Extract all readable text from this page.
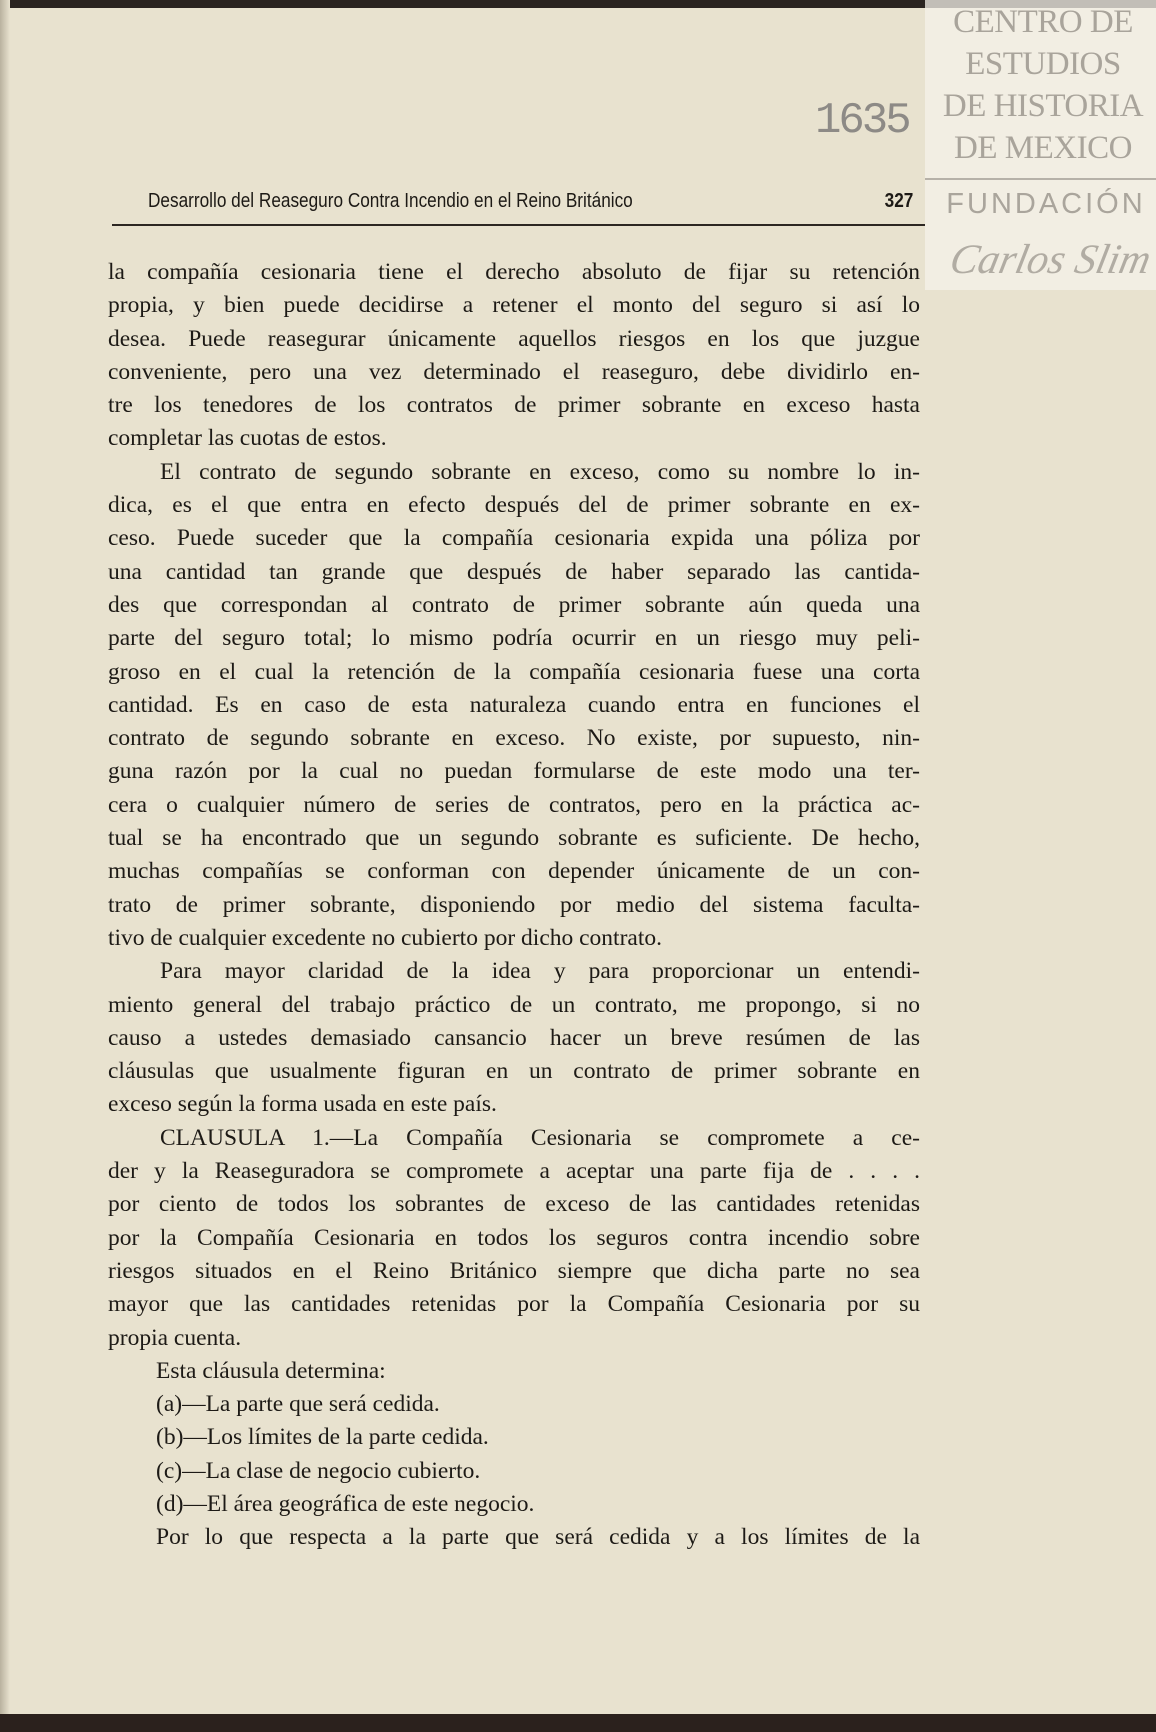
CENTRO DE
ESTUDIOS
DE HISTORIA
DE MEXICO
FUNDACIÓN
Carlos Slim
1635
Desarrollo del Reaseguro Contra Incendio en el Reino Británico	327
la compañía cesionaria tiene el derecho absoluto de fijar su retención
propia, y bien puede decidirse a retener el monto del seguro si así lo
desea. Puede reasegurar únicamente aquellos riesgos en los que juzgue
conveniente, pero una vez determinado el reaseguro, debe dividirlo en-
tre los tenedores de los contratos de primer sobrante en exceso hasta
completar las cuotas de estos.
El contrato de segundo sobrante en exceso, como su nombre lo in-
dica, es el que entra en efecto después del de primer sobrante en ex-
ceso. Puede suceder que la compañía cesionaria expida una póliza por
una cantidad tan grande que después de haber separado las cantida-
des que correspondan al contrato de primer sobrante aún queda una
parte del seguro total; lo mismo podría ocurrir en un riesgo muy peli-
groso en el cual la retención de la compañía cesionaria fuese una corta
cantidad. Es en caso de esta naturaleza cuando entra en funciones el
contrato de segundo sobrante en exceso. No existe, por supuesto, nin-
guna razón por la cual no puedan formularse de este modo una ter-
cera o cualquier número de series de contratos, pero en la práctica ac-
tual se ha encontrado que un segundo sobrante es suficiente. De hecho,
muchas compañías se conforman con depender únicamente de un con-
trato de primer sobrante, disponiendo por medio del sistema faculta-
tivo de cualquier excedente no cubierto por dicho contrato.
Para mayor claridad de la idea y para proporcionar un entendi-
miento general del trabajo práctico de un contrato, me propongo, si no
causo a ustedes demasiado cansancio hacer un breve resúmen de las
cláusulas que usualmente figuran en un contrato de primer sobrante en
exceso según la forma usada en este país.
CLAUSULA 1.—La Compañía Cesionaria se compromete a ce-
der y la Reaseguradora se compromete a aceptar una parte fija de . . . .
por ciento de todos los sobrantes de exceso de las cantidades retenidas
por la Compañía Cesionaria en todos los seguros contra incendio sobre
riesgos situados en el Reino Británico siempre que dicha parte no sea
mayor que las cantidades retenidas por la Compañía Cesionaria por su
propia cuenta.
Esta cláusula determina:
(a)—La parte que será cedida.
(b)—Los límites de la parte cedida.
(c)—La clase de negocio cubierto.
(d)—El área geográfica de este negocio.
Por lo que respecta a la parte que será cedida y a los límites de la
